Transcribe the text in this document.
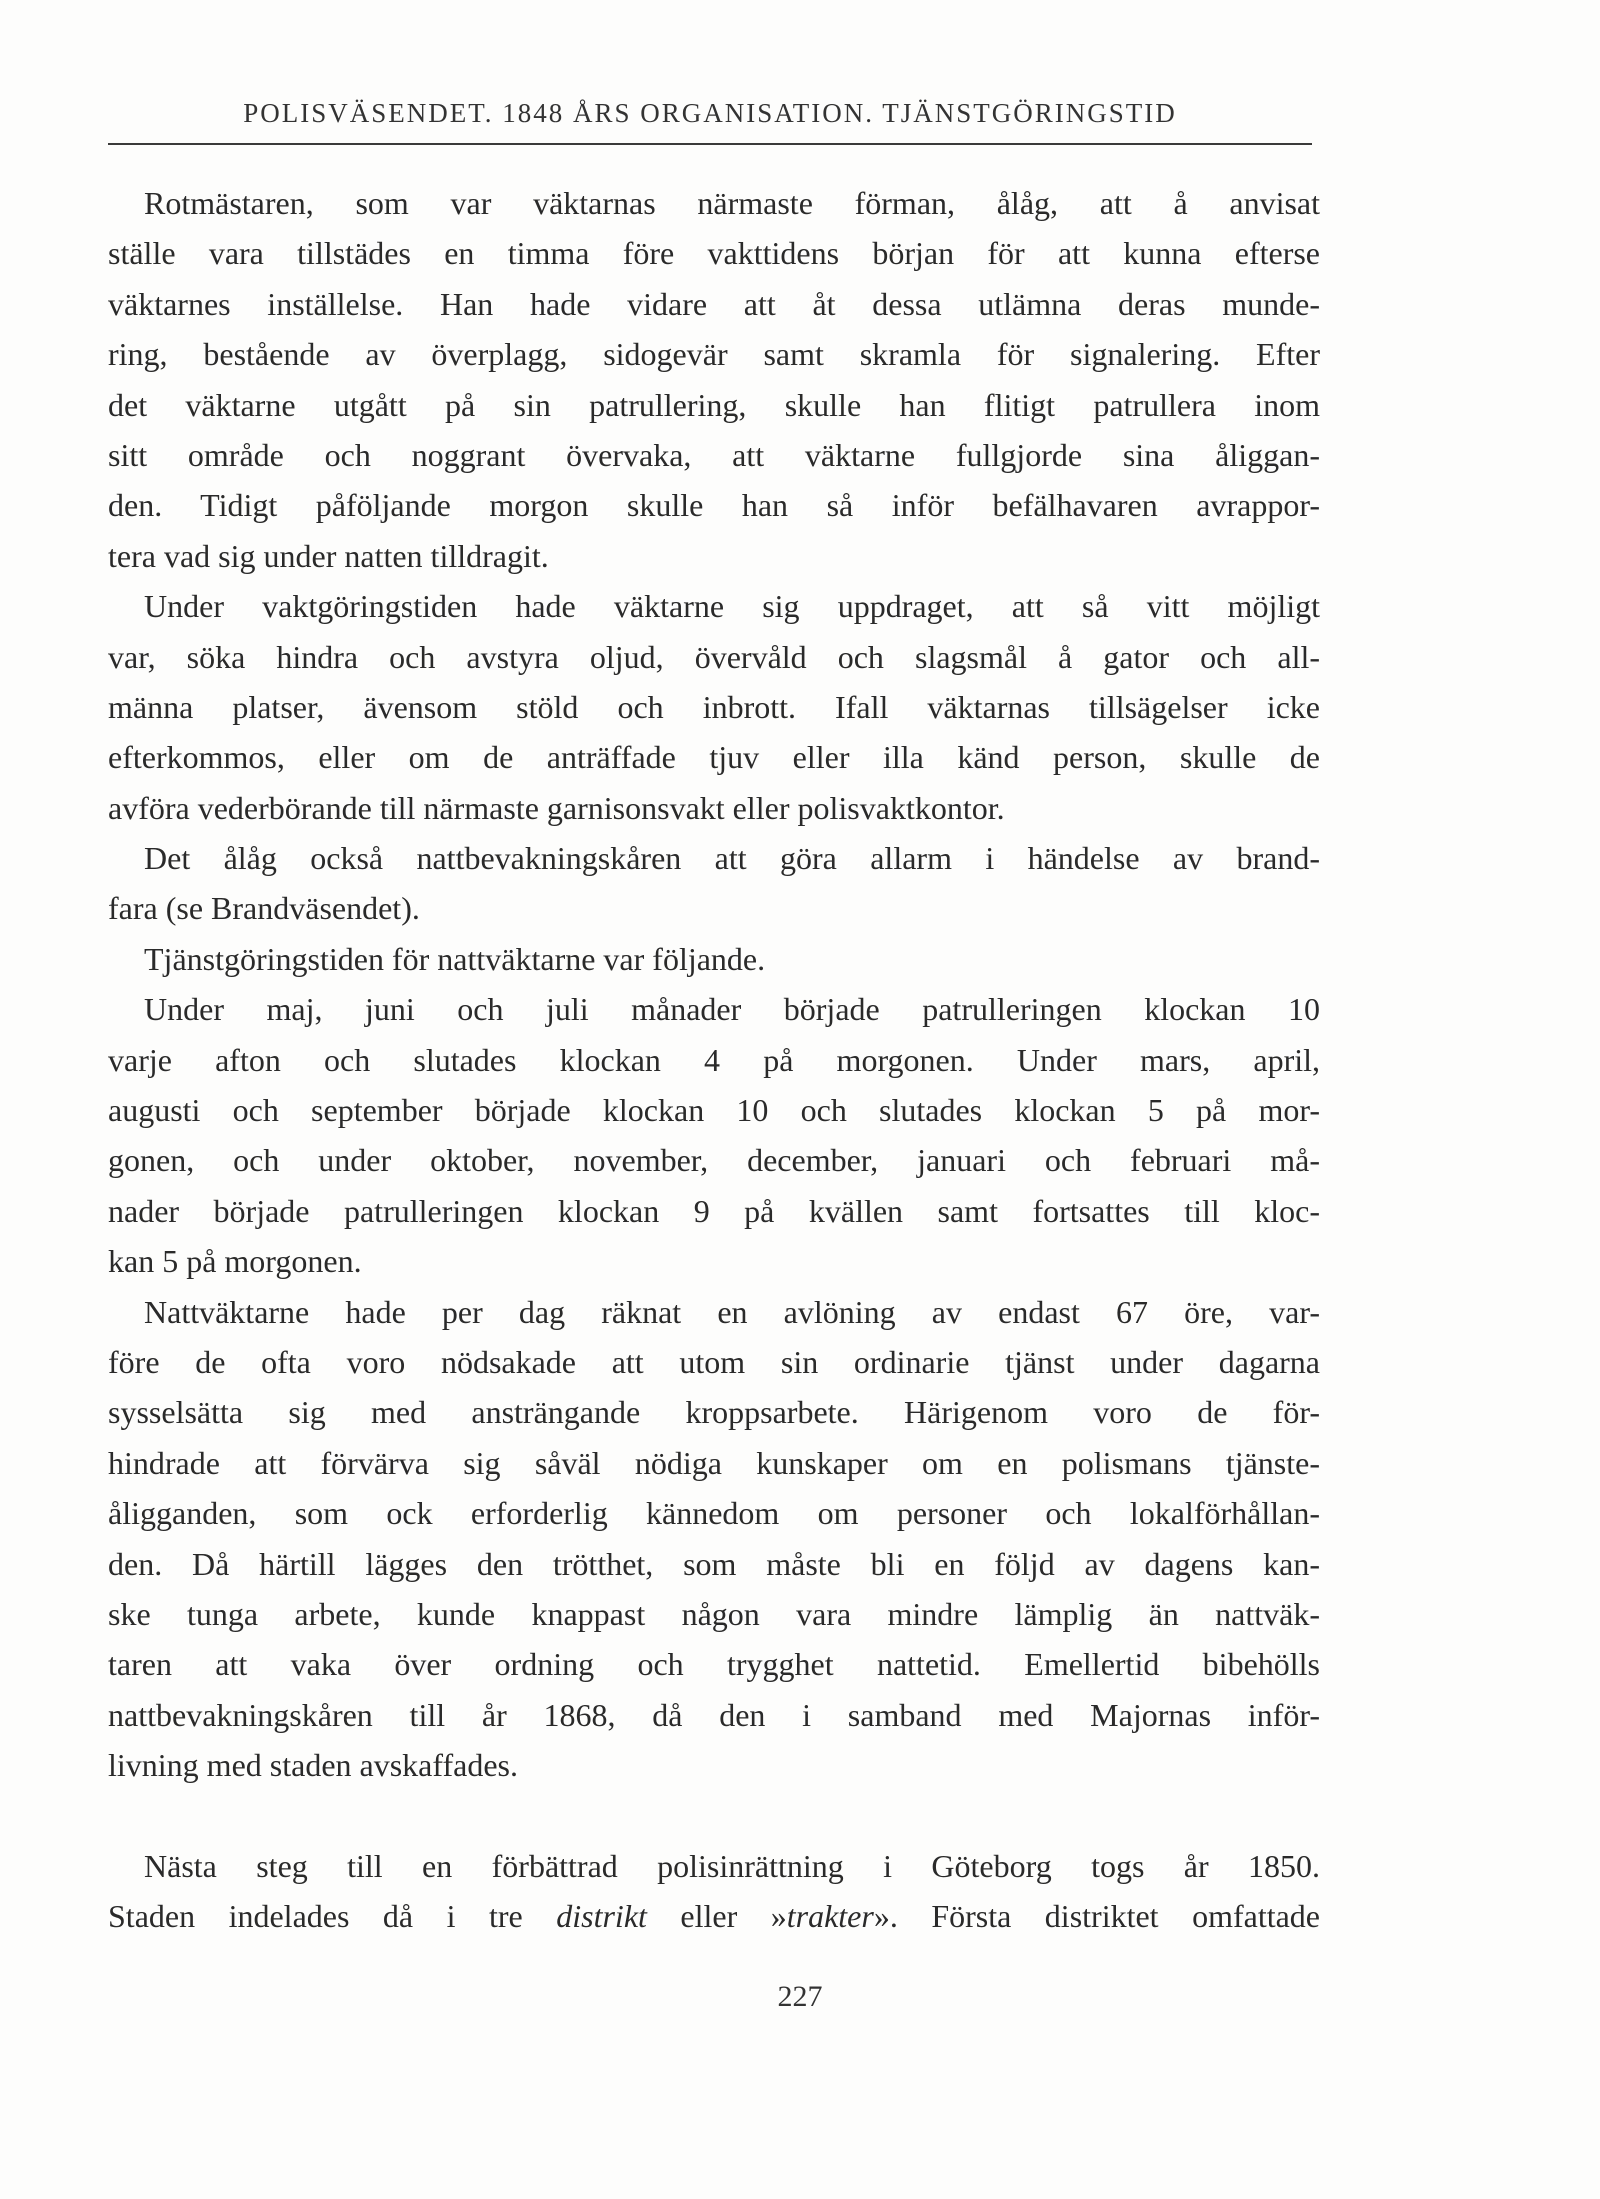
POLISVÄSENDET. 1848 ÅRS ORGANISATION. TJÄNSTGÖRINGSTID
Rotmästaren, som var väktarnas närmaste förman, ålåg, att å anvisat
ställe vara tillstädes en timma före vakttidens början för att kunna efterse
väktarnes inställelse. Han hade vidare att åt dessa utlämna deras munde-
ring, bestående av överplagg, sidogevär samt skramla för signalering. Efter
det väktarne utgått på sin patrullering, skulle han flitigt patrullera inom
sitt område och noggrant övervaka, att väktarne fullgjorde sina åliggan-
den. Tidigt påföljande morgon skulle han så inför befälhavaren avrappor-
tera vad sig under natten tilldragit.
Under vaktgöringstiden hade väktarne sig uppdraget, att så vitt möjligt
var, söka hindra och avstyra oljud, övervåld och slagsmål å gator och all-
männa platser, ävensom stöld och inbrott. Ifall väktarnas tillsägelser icke
efterkommos, eller om de anträffade tjuv eller illa känd person, skulle de
avföra vederbörande till närmaste garnisonsvakt eller polisvaktkontor.
Det ålåg också nattbevakningskåren att göra allarm i händelse av brand-
fara (se Brandväsendet).
Tjänstgöringstiden för nattväktarne var följande.
Under maj, juni och juli månader började patrulleringen klockan 10
varje afton och slutades klockan 4 på morgonen. Under mars, april,
augusti och september började klockan 10 och slutades klockan 5 på mor-
gonen, och under oktober, november, december, januari och februari må-
nader började patrulleringen klockan 9 på kvällen samt fortsattes till kloc-
kan 5 på morgonen.
Nattväktarne hade per dag räknat en avlöning av endast 67 öre, var-
före de ofta voro nödsakade att utom sin ordinarie tjänst under dagarna
sysselsätta sig med ansträngande kroppsarbete. Härigenom voro de för-
hindrade att förvärva sig såväl nödiga kunskaper om en polismans tjänste-
åligganden, som ock erforderlig kännedom om personer och lokalförhållan-
den. Då härtill lägges den trötthet, som måste bli en följd av dagens kan-
ske tunga arbete, kunde knappast någon vara mindre lämplig än nattväk-
taren att vaka över ordning och trygghet nattetid. Emellertid bibehölls
nattbevakningskåren till år 1868, då den i samband med Majornas inför-
livning med staden avskaffades.
Nästa steg till en förbättrad polisinrättning i Göteborg togs år 1850.
Staden indelades då i tre distrikt eller »trakter». Första distriktet omfattade
227
